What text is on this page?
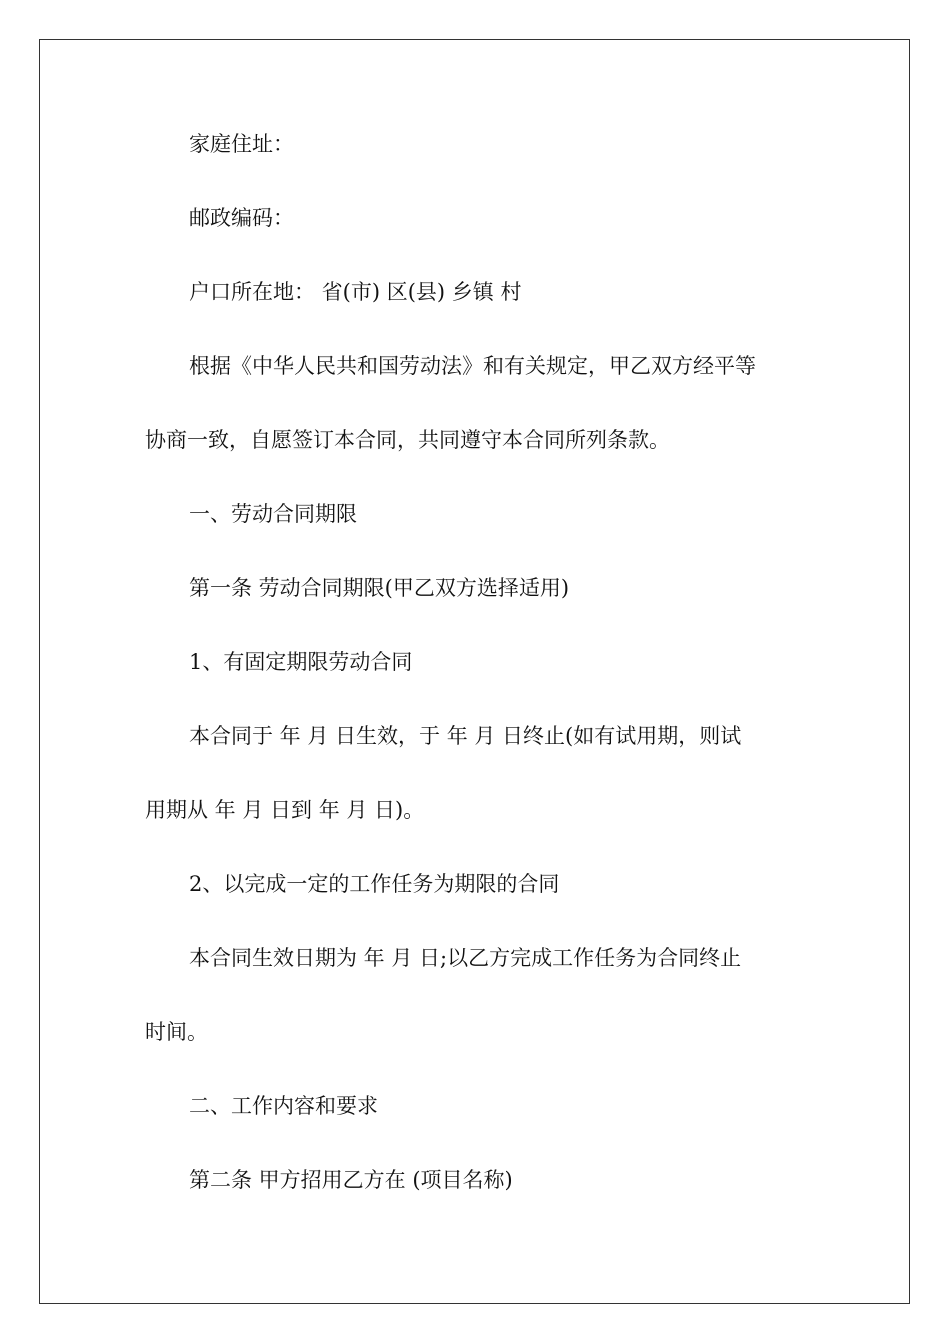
家庭住址：
邮政编码：
户口所在地： 省(市) 区(县) 乡镇 村
根据《中华人民共和国劳动法》和有关规定，甲乙双方经平等
协商一致，自愿签订本合同，共同遵守本合同所列条款。
一、劳动合同期限
第一条 劳动合同期限(甲乙双方选择适用)
1、有固定期限劳动合同
本合同于 年 月 日生效，于 年 月 日终止(如有试用期，则试
用期从 年 月 日到 年 月 日)。
2、以完成一定的工作任务为期限的合同
本合同生效日期为 年 月 日;以乙方完成工作任务为合同终止
时间。
二、工作内容和要求
第二条 甲方招用乙方在 (项目名称)
